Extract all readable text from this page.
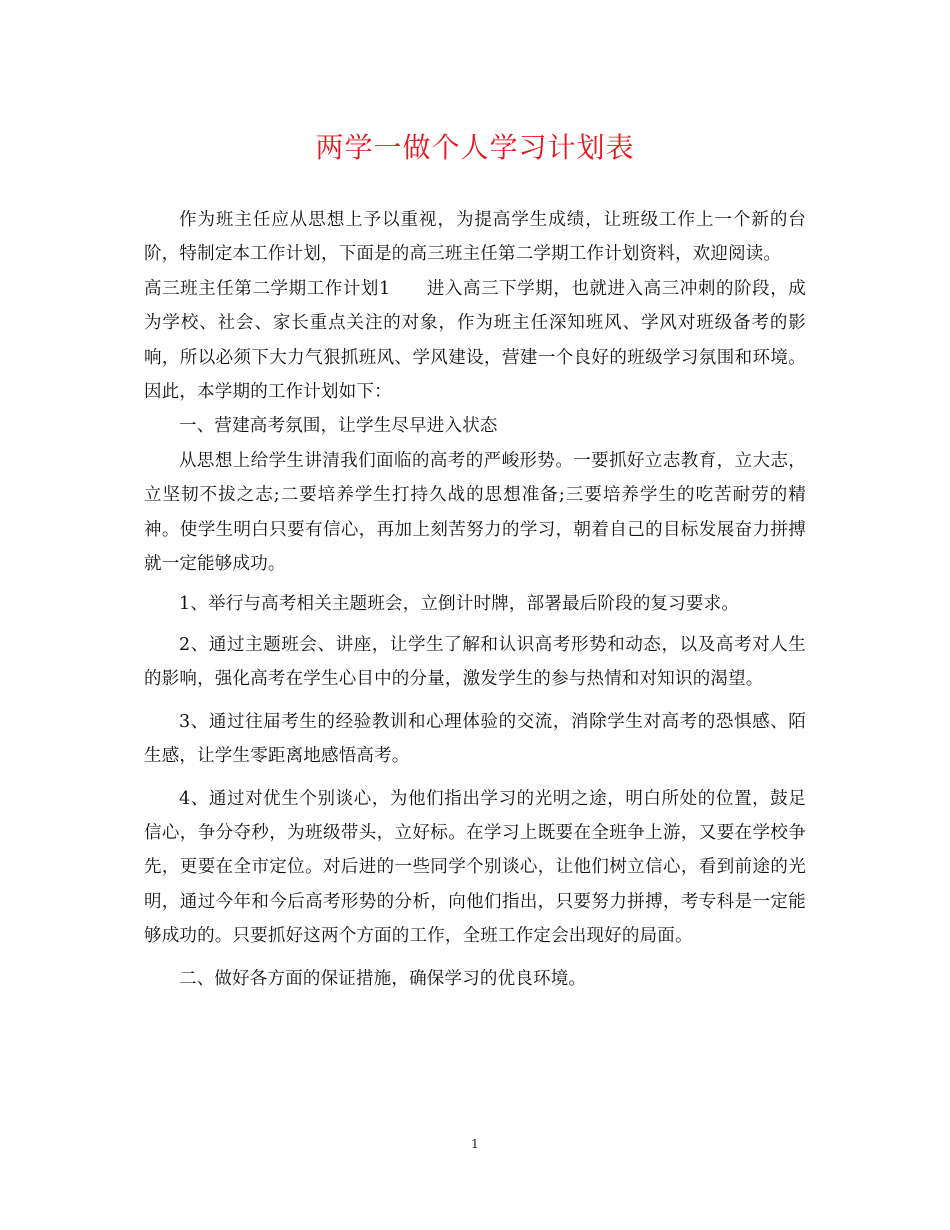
两学一做个人学习计划表

作为班主任应从思想上予以重视，为提高学生成绩，让班级工作上一个新的台阶，特制定本工作计划，下面是的高三班主任第二学期工作计划资料，欢迎阅读。

高三班主任第二学期工作计划1　　进入高三下学期，也就进入高三冲刺的阶段，成为学校、社会、家长重点关注的对象，作为班主任深知班风、学风对班级备考的影响，所以必须下大力气狠抓班风、学风建设，营建一个良好的班级学习氛围和环境。因此，本学期的工作计划如下：

一、营建高考氛围，让学生尽早进入状态

从思想上给学生讲清我们面临的高考的严峻形势。一要抓好立志教育，立大志，立坚韧不拔之志;二要培养学生打持久战的思想准备;三要培养学生的吃苦耐劳的精神。使学生明白只要有信心，再加上刻苦努力的学习，朝着自己的目标发展奋力拼搏就一定能够成功。

1、举行与高考相关主题班会，立倒计时牌，部署最后阶段的复习要求。

2、通过主题班会、讲座，让学生了解和认识高考形势和动态，以及高考对人生的影响，强化高考在学生心目中的分量，激发学生的参与热情和对知识的渴望。

3、通过往届考生的经验教训和心理体验的交流，消除学生对高考的恐惧感、陌生感，让学生零距离地感悟高考。

4、通过对优生个别谈心，为他们指出学习的光明之途，明白所处的位置，鼓足信心，争分夺秒，为班级带头，立好标。在学习上既要在全班争上游，又要在学校争先，更要在全市定位。对后进的一些同学个别谈心，让他们树立信心，看到前途的光明，通过今年和今后高考形势的分析，向他们指出，只要努力拼搏，考专科是一定能够成功的。只要抓好这两个方面的工作，全班工作定会出现好的局面。

二、做好各方面的保证措施，确保学习的优良环境。

1
